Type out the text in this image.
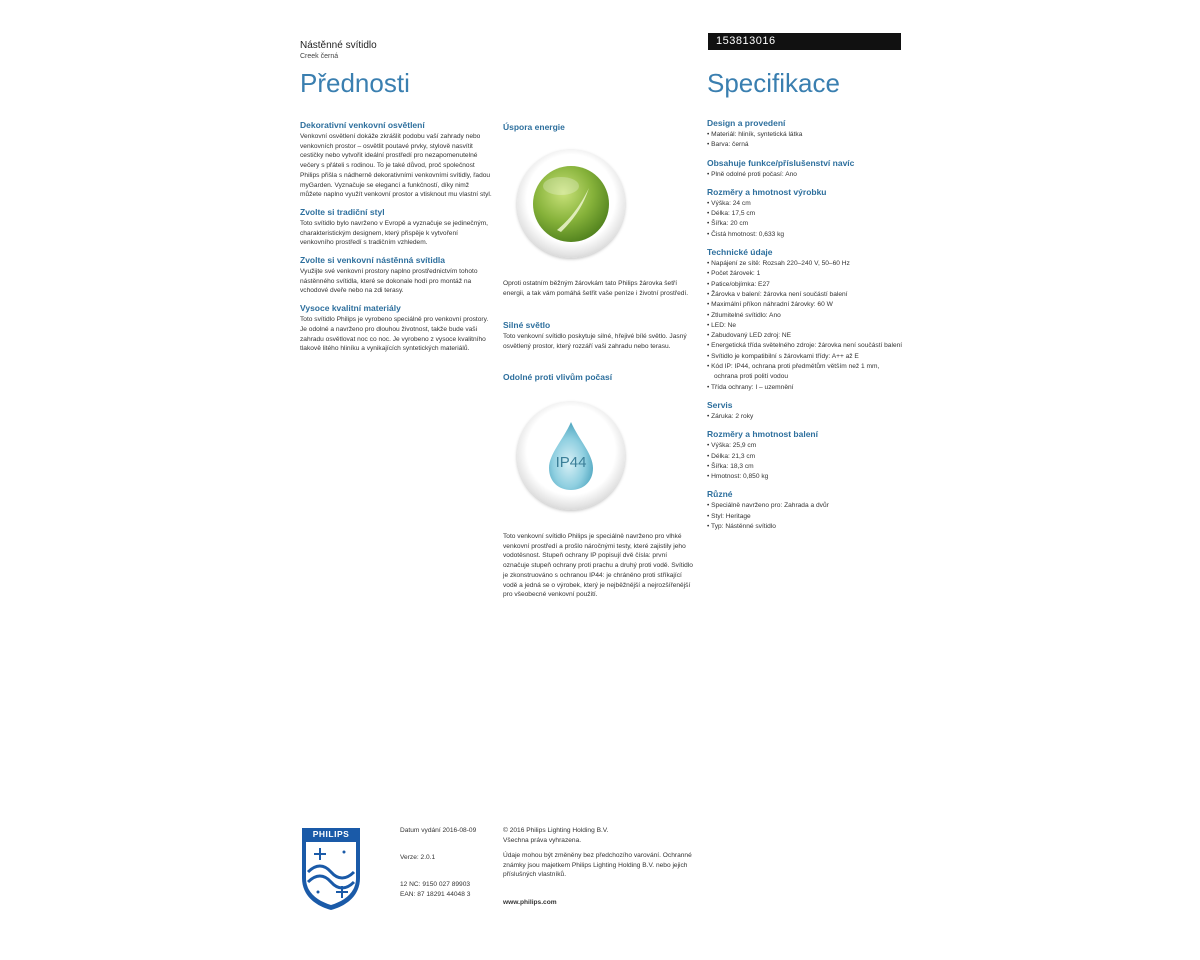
Nástěnné svítidlo
Creek černá
153813016
Přednosti	Specifikace
Dekorativní venkovní osvětlení

Venkovní osvětlení dokáže zkrášlit podobu vaší zahrady nebo venkovních prostor – osvětlit poutavé prvky, stylově nasvítit cestičky nebo vytvořit ideální prostředí pro nezapomenutelné večery s přáteli s rodinou. To je také důvod, proč společnost Philips přišla s nádherně dekorativními venkovními svítidly, řadou myGarden. Vyznačuje se elegancí a funkčností, díky nimž můžete naplno využít venkovní prostor a vtisknout mu vlastní styl.

Zvolte si tradiční styl

Toto svítidlo bylo navrženo v Evropě a vyznačuje se jedinečným, charakteristickým designem, který přispěje k vytvoření venkovního prostředí s tradičním vzhledem.

Zvolte si venkovní nástěnná svítidla

Využijte své venkovní prostory naplno prostřednictvím tohoto nástěnného svítidla, které se dokonale hodí pro montáž na vchodové dveře nebo na zdi terasy.

Vysoce kvalitní materiály

Toto svítidlo Philips je vyrobeno speciálně pro venkovní prostory. Je odolné a navrženo pro dlouhou životnost, takže bude vaši zahradu osvětlovat noc co noc. Je vyrobeno z vysoce kvalitního tlakově litého hliníku a vynikajících syntetických materiálů.

Úspora energie

Oproti ostatním běžným žárovkám tato Philips žárovka šetří energii, a tak vám pomáhá šetřit vaše peníze i životní prostředí.

Silné světlo

Toto venkovní svítidlo poskytuje silné, hřejivé bílé světlo. Jasný osvětlený prostor, který rozzáří vaši zahradu nebo terasu.

Odolné proti vlivům počasí
IP44

Toto venkovní svítidlo Philips je speciálně navrženo pro vlhké venkovní prostředí a prošlo náročnými testy, které zajistily jeho vodotěsnost. Stupeň ochrany IP popisují dvě čísla: první označuje stupeň ochrany proti prachu a druhý proti vodě. Svítidlo je zkonstruováno s ochranou IP44: je chráněno proti stříkající vodě a jedná se o výrobek, který je nejběžnější a nejrozšířenější pro všeobecné venkovní použití.

Design a provedení
• Materiál: hliník, syntetická látka
• Barva: černá
Obsahuje funkce/příslušenství navíc
• Plně odolné proti počasí: Ano
Rozměry a hmotnost výrobku
• Výška: 24 cm
• Délka: 17,5 cm
• Šířka: 20 cm
• Čistá hmotnost: 0,633 kg
Technické údaje
• Napájení ze sítě: Rozsah 220–240 V, 50–60 Hz
• Počet žárovek: 1
• Patice/objímka: E27
• Žárovka v balení: žárovka není součástí balení
• Maximální příkon náhradní žárovky: 60 W
• Ztlumitelné svítidlo: Ano
• LED: Ne
• Zabudovaný LED zdroj: NE
• Energetická třída světelného zdroje: žárovka není součástí balení
• Svítidlo je kompatibilní s žárovkami třídy: A++ až E
• Kód IP: IP44, ochrana proti předmětům větším než 1 mm, ochrana proti polití vodou
• Třída ochrany: I – uzemnění
Servis
• Záruka: 2 roky
Rozměry a hmotnost balení
• Výška: 25,9 cm
• Délka: 21,3 cm
• Šířka: 18,3 cm
• Hmotnost: 0,850 kg
Různé
• Speciálně navrženo pro: Zahrada a dvůr
• Styl: Heritage
• Typ: Nástěnné svítidlo
PHILIPS	Datum vydání 2016-08-09
Verze: 2.0.1
12 NC: 9150 027 89903
EAN: 87 18291 44048 3
© 2016 Philips Lighting Holding B.V.
Všechna práva vyhrazena.
Údaje mohou být změněny bez předchozího varování. Ochranné známky jsou majetkem Philips Lighting Holding B.V. nebo jejich příslušných vlastníků.
www.philips.com
